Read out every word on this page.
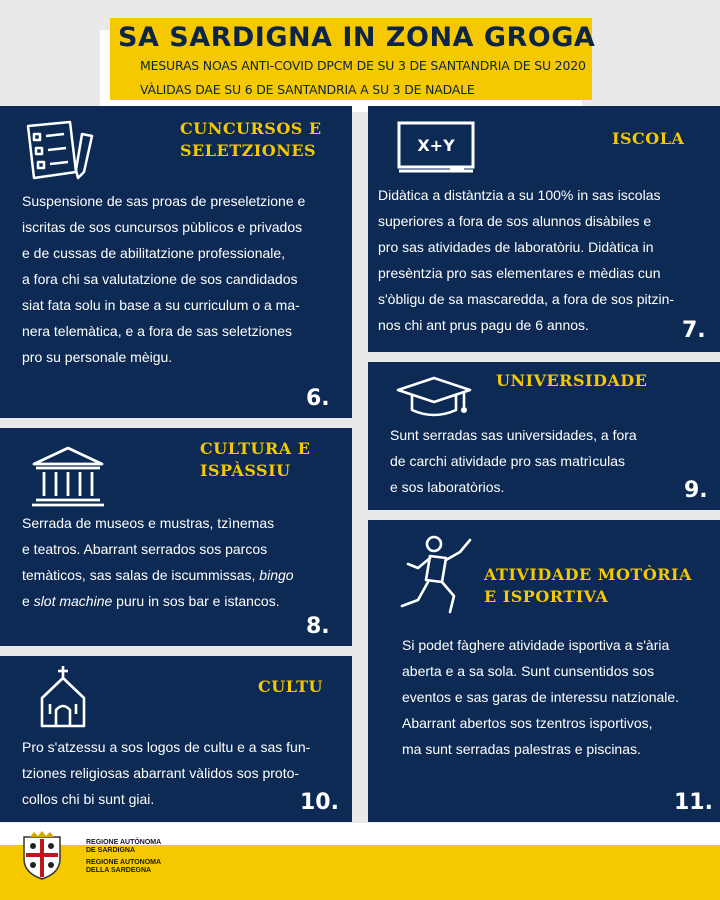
SA SARDIGNA IN ZONA GROGA
MESURAS NOAS ANTI-COVID DPCM DE SU 3 DE SANTANDRIA DE SU 2020
VÀLIDAS DAE SU 6 DE SANTANDRIA A SU 3 DE NADALE
CUNCURSOS E
SELETZIONES
Suspensione de sas proas de preseletzione e
iscritas de sos cuncursos pùblicos e privados
e de cussas de abilitatzione professionale,
a fora chi sa valutatzione de sos candidados
siat fata solu in base a su curriculum o a ma-
nera telemàtica, e a fora de sas seletziones
pro su personale mèigu.
6.
X+Y	ISCOLA
Didàtica a distàntzia a su 100% in sas iscolas
superiores a fora de sos alunnos disàbiles e
pro sas atividades de laboratòriu. Didàtica in
presèntzia pro sas elementares e mèdias cun
s'òbligu de sa mascaredda, a fora de sos pitzin-
nos chi ant prus pagu de 6 annos.	7.
UNIVERSIDADE
Sunt serradas sas universidades, a fora
de carchi atividade pro sas matrìculas
e sos laboratòrios.	9.
CULTURA E
ISPÀSSIU
Serrada de museos e mustras, tzìnemas
e teatros. Abarrant serrados sos parcos
temàticos, sas salas de iscummissas, bingo
e slot machine puru in sos bar e istancos.
8.
ATIVIDADE MOTÒRIA
E ISPORTIVA
Si podet fàghere atividade isportiva a s'ària
aberta e a sa sola. Sunt cunsentidos sos
eventos e sas garas de interessu natzionale.
Abarrant abertos sos tzentros isportivos,
ma sunt serradas palestras e piscinas.
11.
CULTU
Pro s'atzessu a sos logos de cultu e a sas fun-
tziones religiosas abarrant vàlidos sos proto-
collos chi bi sunt giai.	10.
REGIONE AUTÒNOMA
DE SARDIGNA
REGIONE AUTONOMA
DELLA SARDEGNA
